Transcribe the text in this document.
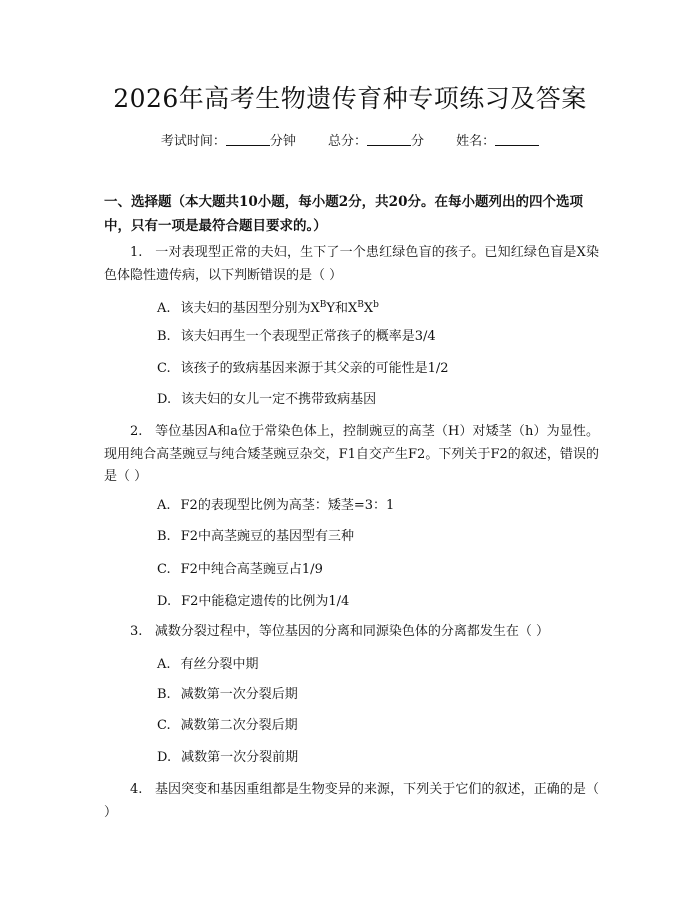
2026年高考生物遗传育种专项练习及答案
考试时间：	分钟 总分：	分 姓名：
一、选择题（本大题共10小题，每小题2分，共20分。在每小题列出的四个选项中，只有一项是最符合题目要求的。）
1. 一对表现型正常的夫妇，生下了一个患红绿色盲的孩子。已知红绿色盲是X染色体隐性遗传病，以下判断错误的是（ ）
A. 该夫妇的基因型分别为$X^BY$和$X^BX^b$
B. 该夫妇再生一个表现型正常孩子的概率是3/4
C. 该孩子的致病基因来源于其父亲的可能性是1/2
D. 该夫妇的女儿一定不携带致病基因
2. 等位基因A和a位于常染色体上，控制豌豆的高茎（H）对矮茎（h）为显性。现用纯合高茎豌豆与纯合矮茎豌豆杂交，F1自交产生F2。下列关于F2的叙述，错误的是（ ）
A. F2的表现型比例为高茎：矮茎=3：1
B. F2中高茎豌豆的基因型有三种
C. F2中纯合高茎豌豆占1/9
D. F2中能稳定遗传的比例为1/4
3. 减数分裂过程中，等位基因的分离和同源染色体的分离都发生在（ ）
A. 有丝分裂中期
B. 减数第一次分裂后期
C. 减数第二次分裂后期
D. 减数第一次分裂前期
4. 基因突变和基因重组都是生物变异的来源，下列关于它们的叙述，正确的是（ ）
